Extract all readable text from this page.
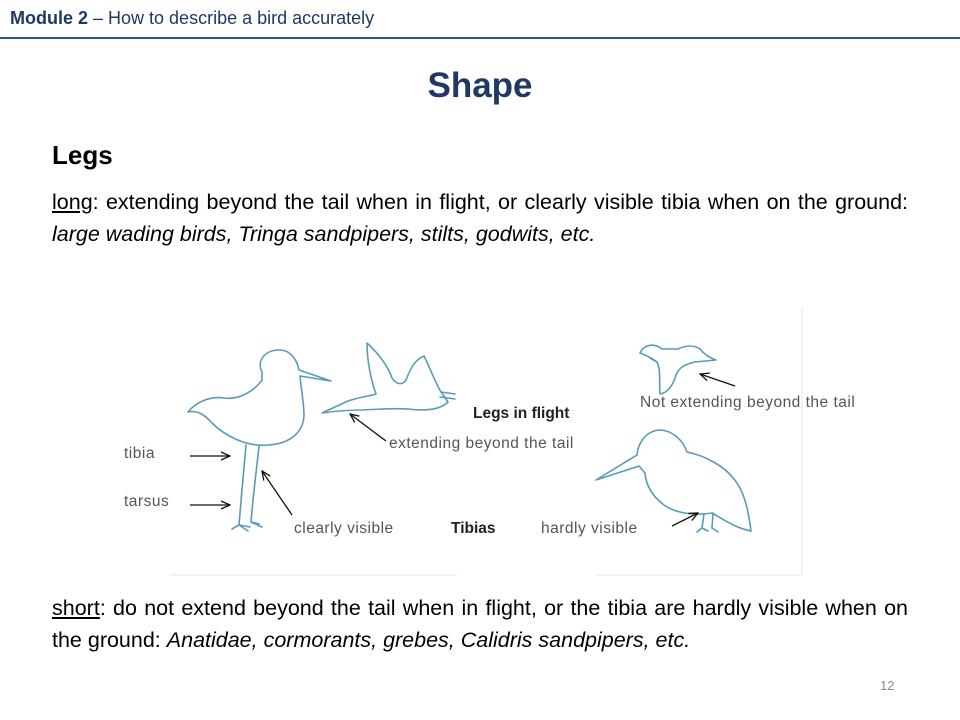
Module 2 – How to describe a bird accurately
Shape
Legs

long: extending beyond the tail when in flight, or clearly visible tibia when on the ground: large wading birds, Tringa sandpipers, stilts, godwits, etc.

tibia
tarsus
clearly visible	Tibias	hardly visible
Legs in flight
extending beyond the tail
Not extending beyond the tail

short: do not extend beyond the tail when in flight, or the tibia are hardly visible when on the ground: Anatidae, cormorants, grebes, Calidris sandpipers, etc.

12
